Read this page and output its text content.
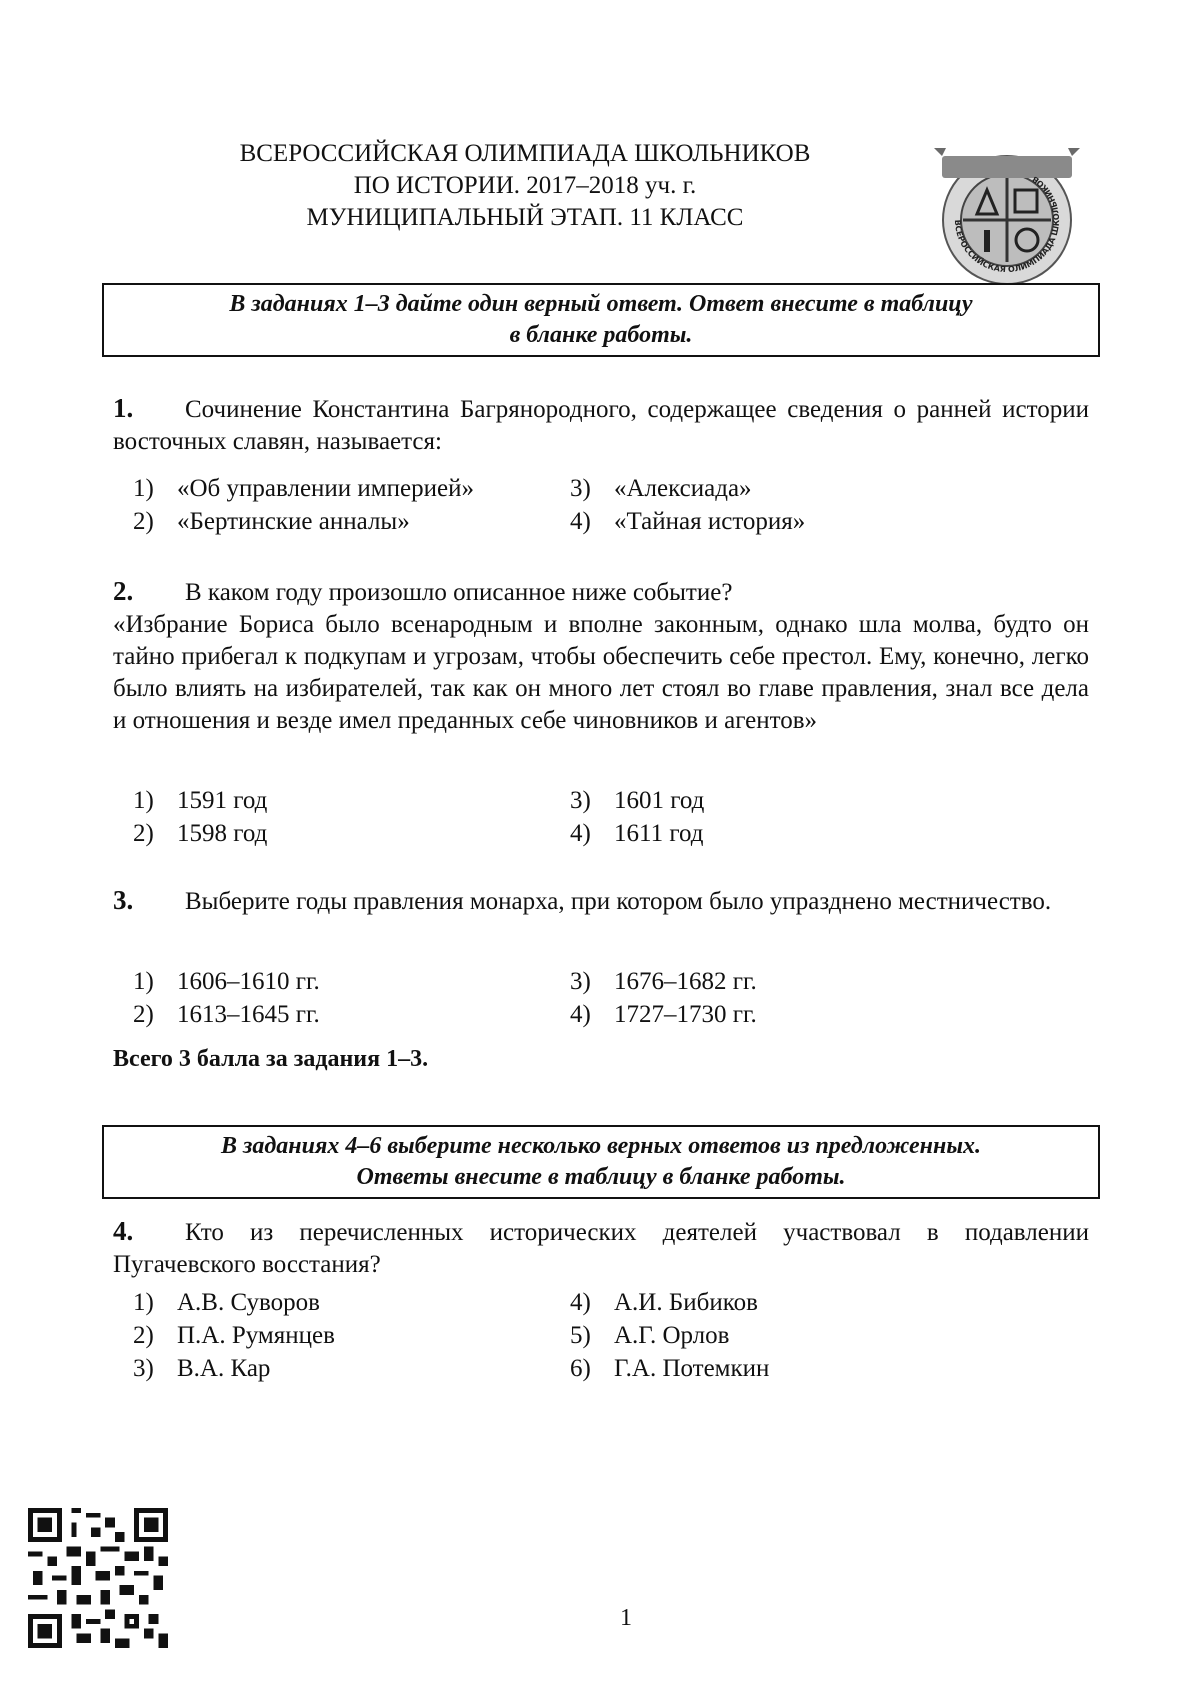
ВСЕРОССИЙСКАЯ ОЛИМПИАДА ШКОЛЬНИКОВ
ПО ИСТОРИИ. 2017–2018 уч. г.
МУНИЦИПАЛЬНЫЙ ЭТАП. 11 КЛАСС	ВСЕРОССИЙСКАЯ ОЛИМПИАДА ШКОЛЬНИКОВ
В заданиях 1–3 дайте один верный ответ. Ответ внесите в таблицу
в бланке работы.
1. Сочинение Константина Багрянородного, содержащее сведения о ранней истории восточных славян, называется:
1) «Об управлении империей»
2) «Бертинские анналы»
3) «Алексиада»
4) «Тайная история»
2. В каком году произошло описанное ниже событие?
«Избрание Бориса было всенародным и вполне законным, однако шла молва, будто он тайно прибегал к подкупам и угрозам, чтобы обеспечить себе престол. Ему, конечно, легко было влиять на избирателей, так как он много лет стоял во главе правления, знал все дела и отношения и везде имел преданных себе чиновников и агентов»
1) 1591 год
2) 1598 год
3) 1601 год
4) 1611 год
3. Выберите годы правления монарха, при котором было упразднено местничество.
1) 1606–1610 гг.
2) 1613–1645 гг.
3) 1676–1682 гг.
4) 1727–1730 гг.
Всего 3 балла за задания 1–3.
В заданиях 4–6 выберите несколько верных ответов из предложенных.
Ответы внесите в таблицу в бланке работы.
4. Кто из перечисленных исторических деятелей участвовал в подавлении Пугачевского восстания?
1) А.В. Суворов
2) П.А. Румянцев
3) В.А. Кар
4) А.И. Бибиков
5) А.Г. Орлов
6) Г.А. Потемкин
1
